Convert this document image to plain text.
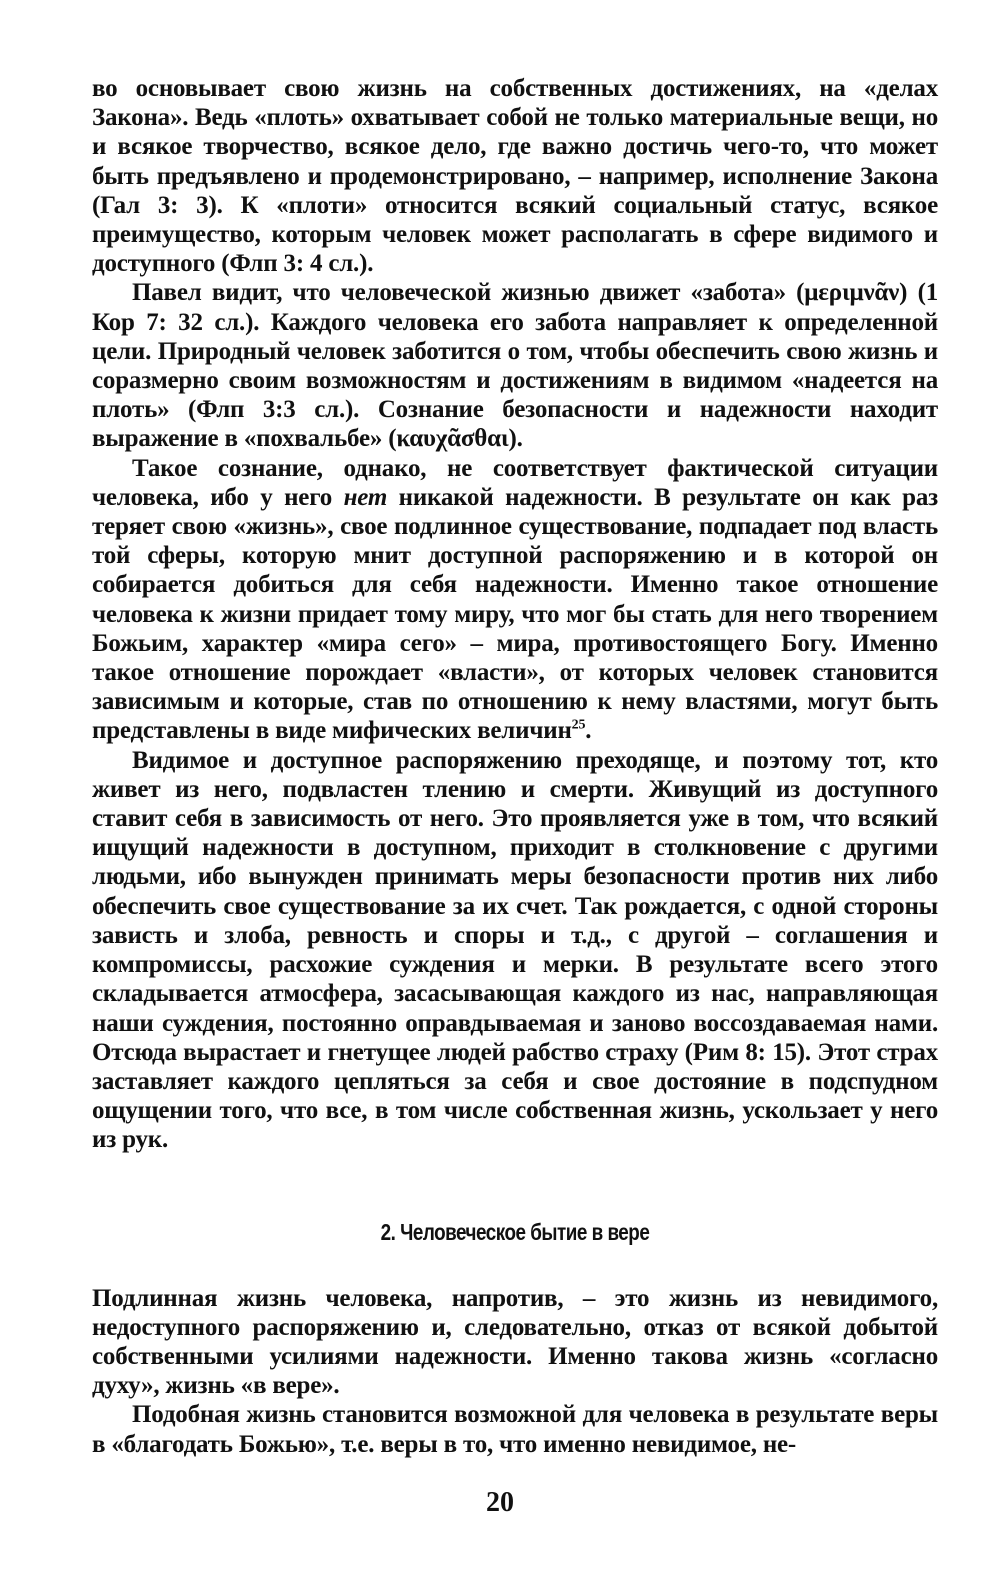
во основывает свою жизнь на собственных достижениях, на «делах Закона». Ведь «плоть» охватывает собой не только материальные вещи, но и всякое творчество, всякое дело, где важно достичь чего-то, что может быть предъявлено и продемонстрировано, – например, исполнение Закона (Гал 3: 3). К «плоти» относится всякий социальный статус, всякое преимущество, которым человек может располагать в сфере видимого и доступного (Флп 3: 4 сл.).

Павел видит, что человеческой жизнью движет «забота» (μεριμνᾶν) (1 Кор 7: 32 сл.). Каждого человека его забота направляет к определенной цели. Природный человек заботится о том, чтобы обеспечить свою жизнь и соразмерно своим возможностям и достижениям в видимом «надеется на плоть» (Флп 3:3 сл.). Сознание безопасности и надежности находит выражение в «похвальбе» (καυχᾶσθαι).

Такое сознание, однако, не соответствует фактической ситуации человека, ибо у него нет никакой надежности. В результате он как раз теряет свою «жизнь», свое подлинное существование, подпадает под власть той сферы, которую мнит доступной распоряжению и в которой он собирается добиться для себя надежности. Именно такое отношение человека к жизни придает тому миру, что мог бы стать для него творением Божьим, характер «мира сего» – мира, противостоящего Богу. Именно такое отношение порождает «власти», от которых человек становится зависимым и которые, став по отношению к нему властями, могут быть представлены в виде мифических величин$^{25}$.

Видимое и доступное распоряжению преходяще, и поэтому тот, кто живет из него, подвластен тлению и смерти. Живущий из доступного ставит себя в зависимость от него. Это проявляется уже в том, что всякий ищущий надежности в доступном, приходит в столкновение с другими людьми, ибо вынужден принимать меры безопасности против них либо обеспечить свое существование за их счет. Так рождается, с одной стороны зависть и злоба, ревность и споры и т.д., с другой – соглашения и компромиссы, расхожие суждения и мерки. В результате всего этого складывается атмосфера, засасывающая каждого из нас, направляющая наши суждения, постоянно оправдываемая и заново воссоздаваемая нами. Отсюда вырастает и гнетущее людей рабство страху (Рим 8: 15). Этот страх заставляет каждого цепляться за себя и свое достояние в подспудном ощущении того, что все, в том числе собственная жизнь, ускользает у него из рук.

2. Человеческое бытие в вере

Подлинная жизнь человека, напротив, – это жизнь из невидимого, недоступного распоряжению и, следовательно, отказ от всякой добытой собственными усилиями надежности. Именно такова жизнь «согласно духу», жизнь «в вере».

Подобная жизнь становится возможной для человека в результате веры в «благодать Божью», т.е. веры в то, что именно невидимое, не-

20
